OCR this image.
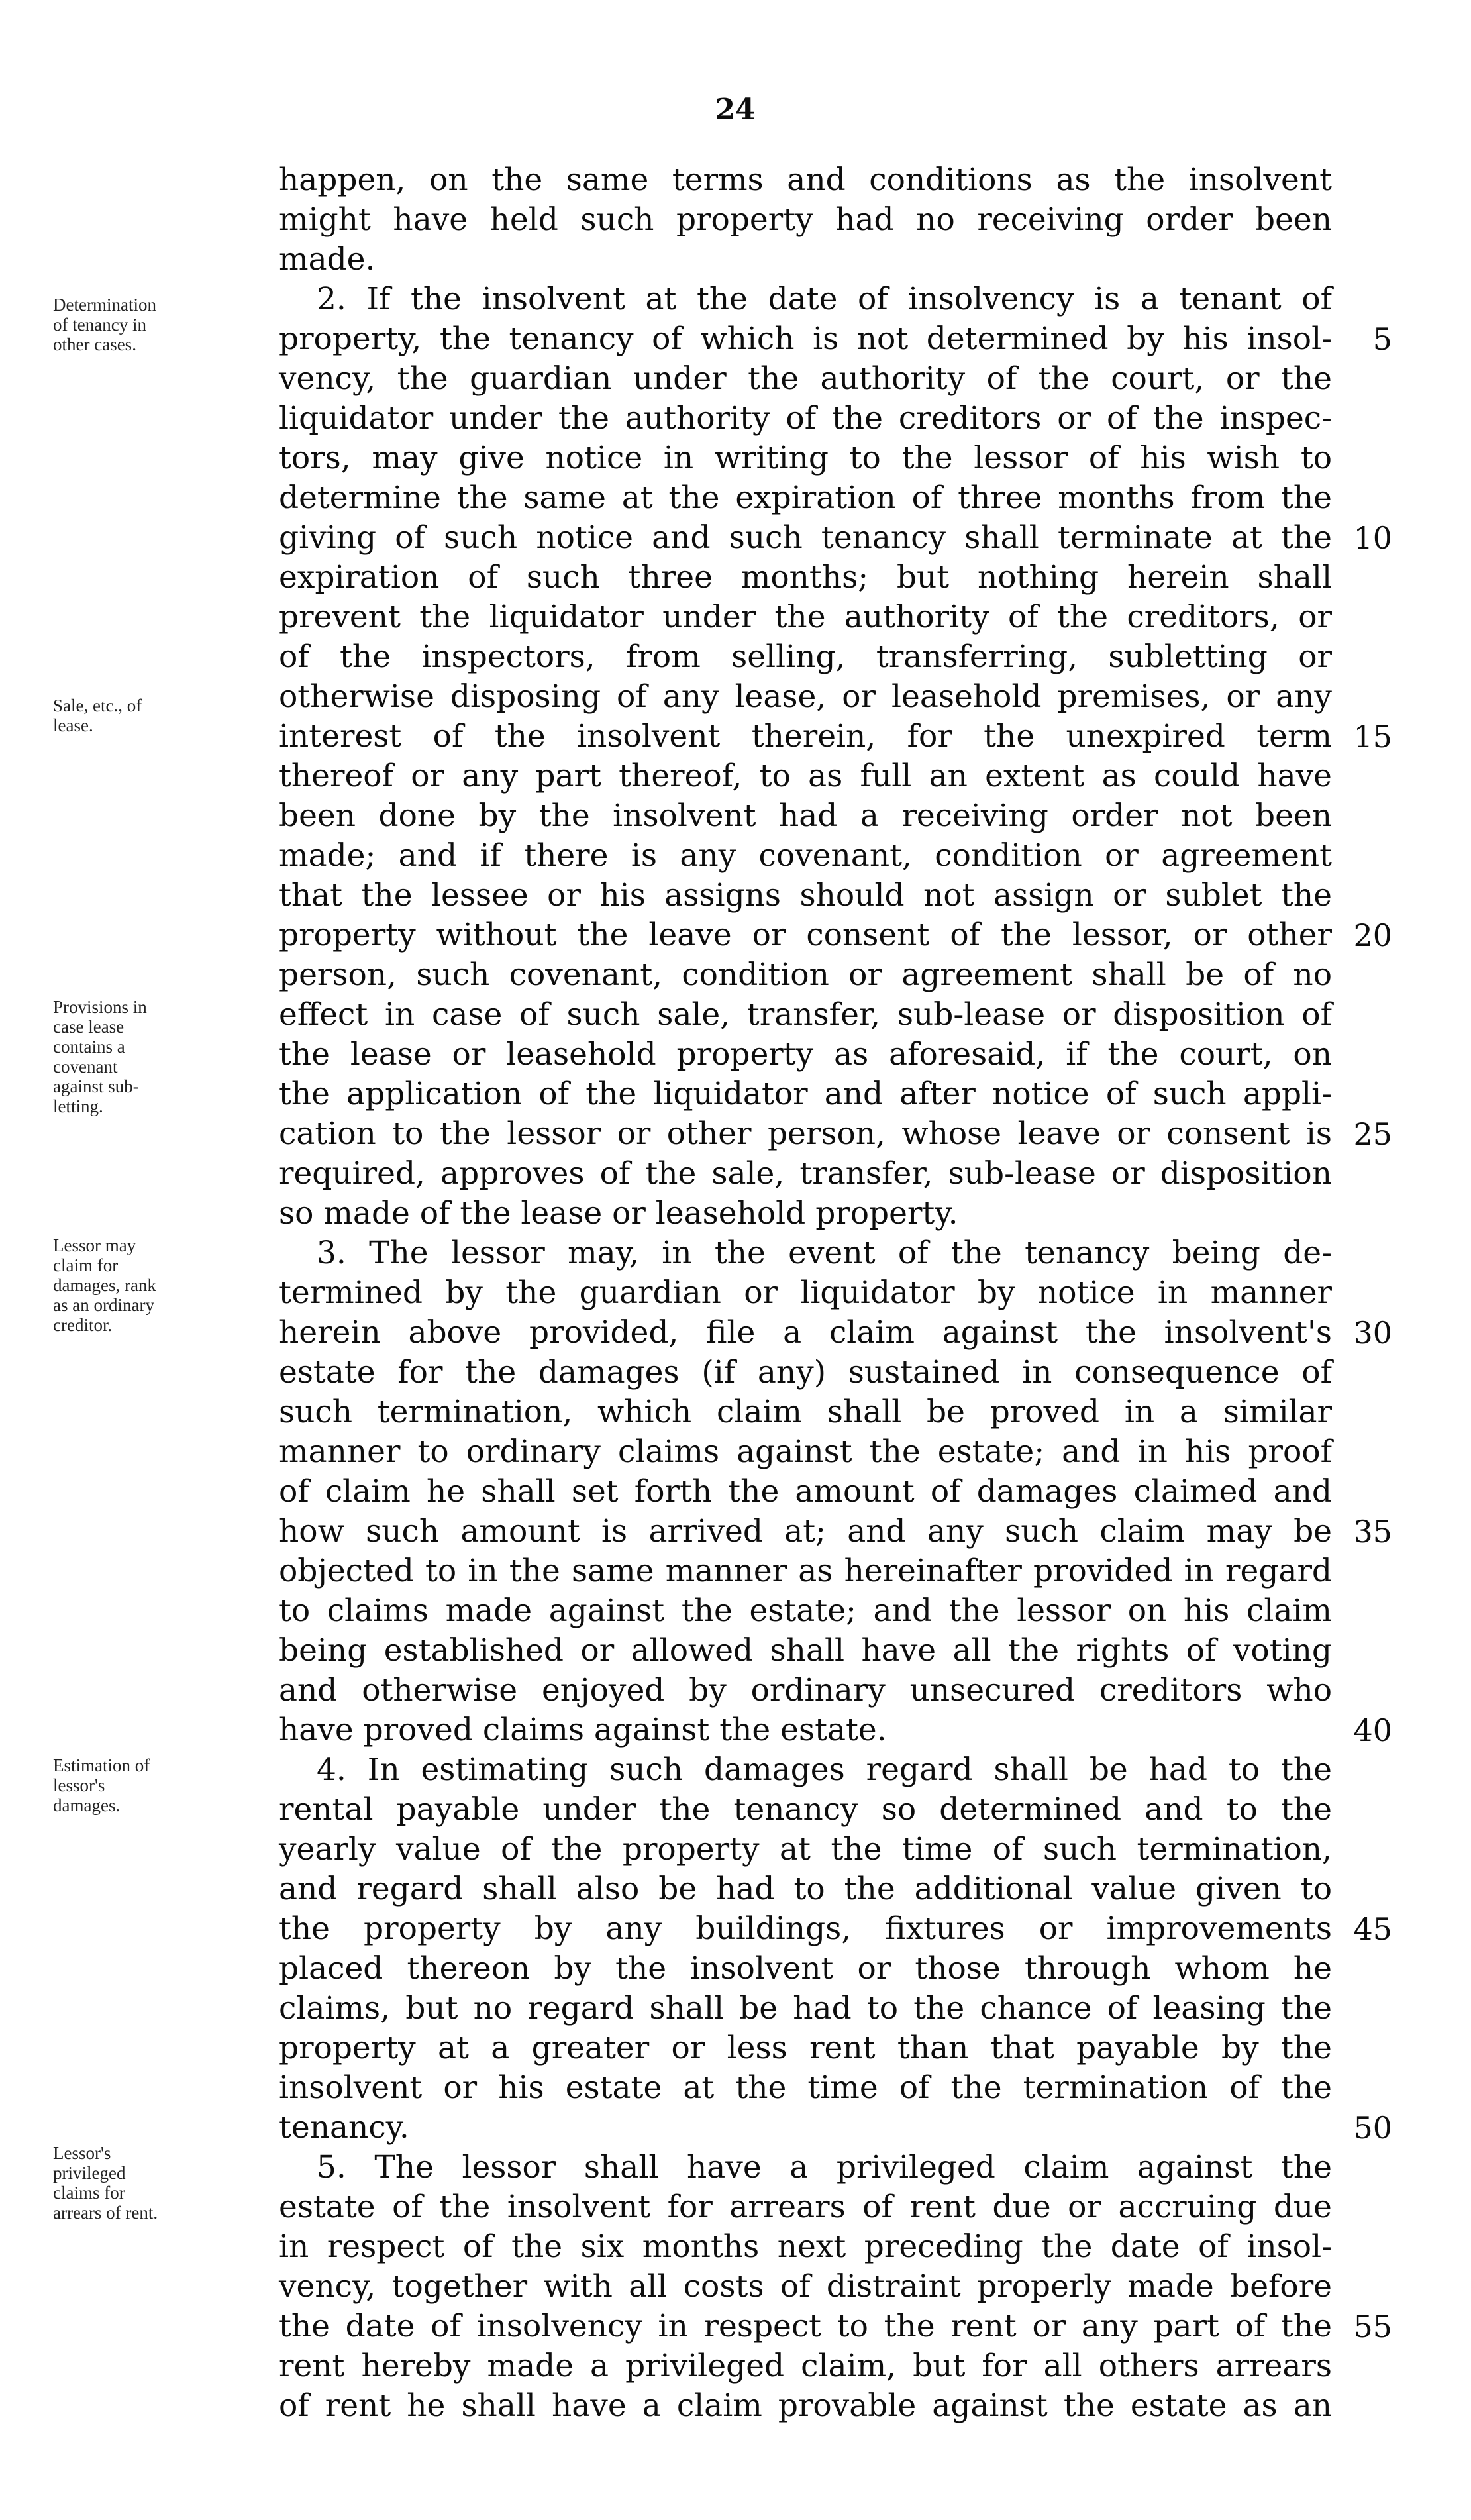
24
Determination
of tenancy in
other cases.
Sale, etc., of
lease.
Provisions in
case lease
contains a
covenant
against sub-
letting.
Lessor may
claim for
damages, rank
as an ordinary
creditor.
Estimation of
lessor's
damages.
Lessor's
privileged
claims for
arrears of rent.
happen, on the same terms and conditions as the insolvent
might have held such property had no receiving order been
made.
2. If the insolvent at the date of insolvency is a tenant of
property, the tenancy of which is not determined by his insol-
vency, the guardian under the authority of the court, or the
liquidator under the authority of the creditors or of the inspec-
tors, may give notice in writing to the lessor of his wish to
determine the same at the expiration of three months from the
giving of such notice and such tenancy shall terminate at the
expiration of such three months; but nothing herein shall
prevent the liquidator under the authority of the creditors, or
of the inspectors, from selling, transferring, subletting or
otherwise disposing of any lease, or leasehold premises, or any
interest of the insolvent therein, for the unexpired term
thereof or any part thereof, to as full an extent as could have
been done by the insolvent had a receiving order not been
made; and if there is any covenant, condition or agreement
that the lessee or his assigns should not assign or sublet the
property without the leave or consent of the lessor, or other
person, such covenant, condition or agreement shall be of no
effect in case of such sale, transfer, sub-lease or disposition of
the lease or leasehold property as aforesaid, if the court, on
the application of the liquidator and after notice of such appli-
cation to the lessor or other person, whose leave or consent is
required, approves of the sale, transfer, sub-lease or disposition
so made of the lease or leasehold property.
3. The lessor may, in the event of the tenancy being de-
termined by the guardian or liquidator by notice in manner
herein above provided, file a claim against the insolvent's
estate for the damages (if any) sustained in consequence of
such termination, which claim shall be proved in a similar
manner to ordinary claims against the estate; and in his proof
of claim he shall set forth the amount of damages claimed and
how such amount is arrived at; and any such claim may be
objected to in the same manner as hereinafter provided in regard
to claims made against the estate; and the lessor on his claim
being established or allowed shall have all the rights of voting
and otherwise enjoyed by ordinary unsecured creditors who
have proved claims against the estate.
4. In estimating such damages regard shall be had to the
rental payable under the tenancy so determined and to the
yearly value of the property at the time of such termination,
and regard shall also be had to the additional value given to
the property by any buildings, fixtures or improvements
placed thereon by the insolvent or those through whom he
claims, but no regard shall be had to the chance of leasing the
property at a greater or less rent than that payable by the
insolvent or his estate at the time of the termination of the
tenancy.
5. The lessor shall have a privileged claim against the
estate of the insolvent for arrears of rent due or accruing due
in respect of the six months next preceding the date of insol-
vency, together with all costs of distraint properly made before
the date of insolvency in respect to the rent or any part of the
rent hereby made a privileged claim, but for all others arrears
of rent he shall have a claim provable against the estate as an
5
10
15
20
25
30
35
40
45
50
55
